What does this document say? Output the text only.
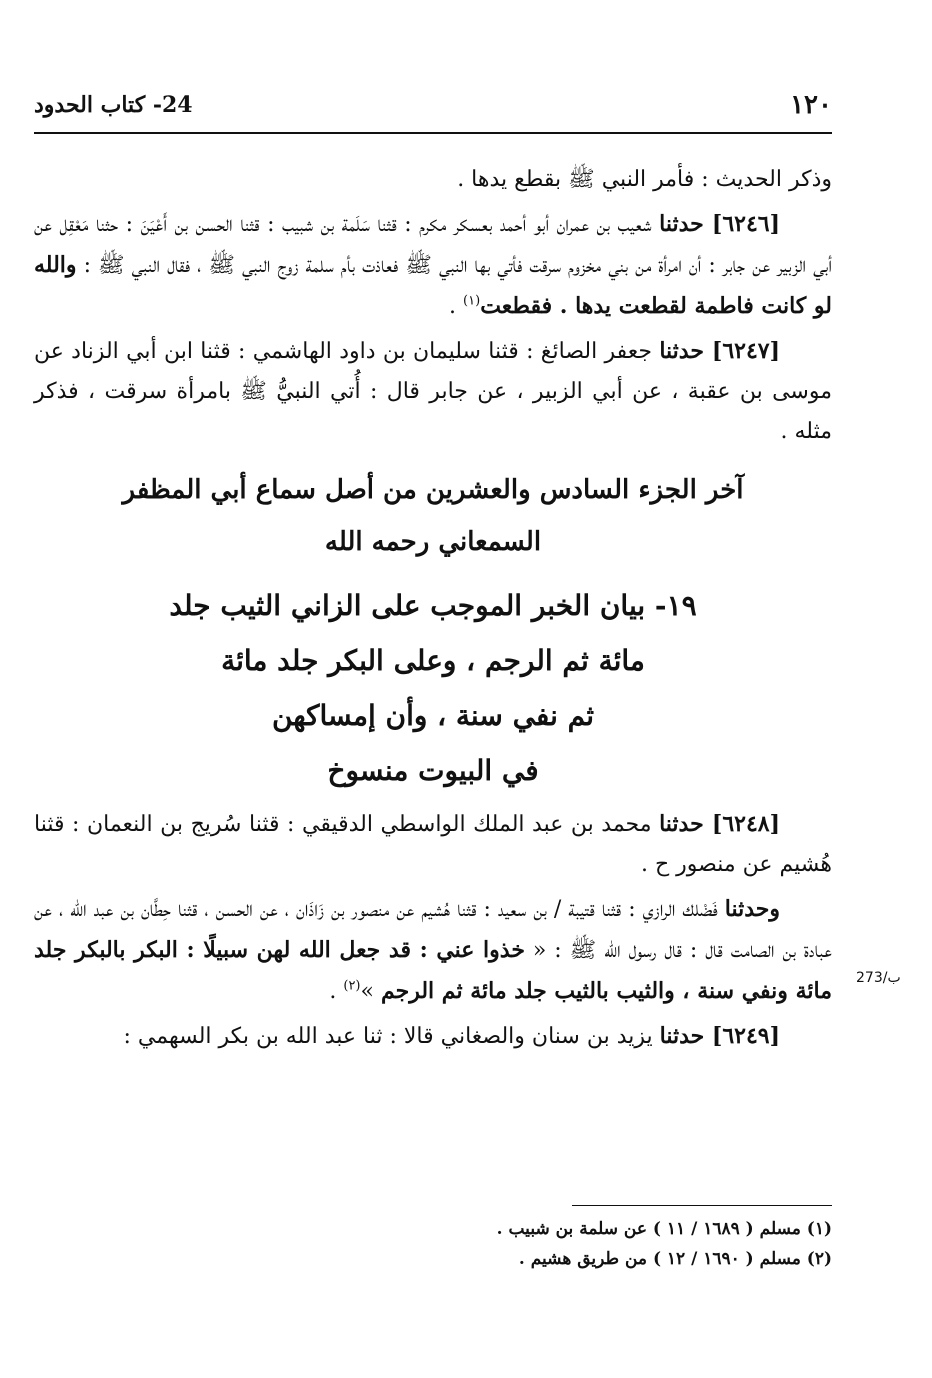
١٢٠
24- كتاب الحدود

وذكر الحديث : فأمر النبي ﷺ بقطع يدها .

[٦٢٤٦] حدثنا شعيب بن عمران أبو أحمد بعسكر مكرم : قثنا سَلَمة بن شبيب : قثنا الحسن بن أَعْيَنَ : حثنا مَعْقِل عن أبي الزبير عن جابر : أن امرأة من بني مخزوم سرقت فأتي بها النبي ﷺ فعاذت بأم سلمة زوج النبي ﷺ ، فقال النبي ﷺ : والله لو كانت فاطمة لقطعت يدها . فقطعت$^{(١)}$ .

[٦٢٤٧] حدثنا جعفر الصائغ : قثنا سليمان بن داود الهاشمي : قثنا ابن أبي الزناد عن موسى بن عقبة ، عن أبي الزبير ، عن جابر قال : أُتي النبيُّ ﷺ بامرأة سرقت ، فذكر مثله .

آخر الجزء السادس والعشرين من أصل سماع أبي المظفر
السمعاني رحمه الله
١٩- بيان الخبر الموجب على الزاني الثيب جلد
مائة ثم الرجم ، وعلى البكر جلد مائة
ثم نفي سنة ، وأن إمساكهن
في البيوت منسوخ

[٦٢٤٨] حدثنا محمد بن عبد الملك الواسطي الدقيقي : قثنا سُريج بن النعمان : قثنا هُشيم عن منصور ح .

وحدثنا فَضْلك الرازي : قثنا قتيبة / بن سعيد : قثنا هُشيم عن منصور بن زَاذَان ، عن الحسن ، قثنا حِطَّان بن عبد الله ، عن عبادة بن الصامت قال : قال رسول الله ﷺ : « خذوا عني : قد جعل الله لهن سبيلًا : البكر بالبكر جلد مائة ونفي سنة ، والثيب بالثيب جلد مائة ثم الرجم »$^{(٢)}$ .

[٦٢٤٩] حدثنا يزيد بن سنان والصغاني قالا : ثنا عبد الله بن بكر السهمي :

273/ب
(١) مسلم ( ١٦٨٩ / ١١ ) عن سلمة بن شبيب .
(٢) مسلم ( ١٦٩٠ / ١٢ ) من طريق هشيم .
